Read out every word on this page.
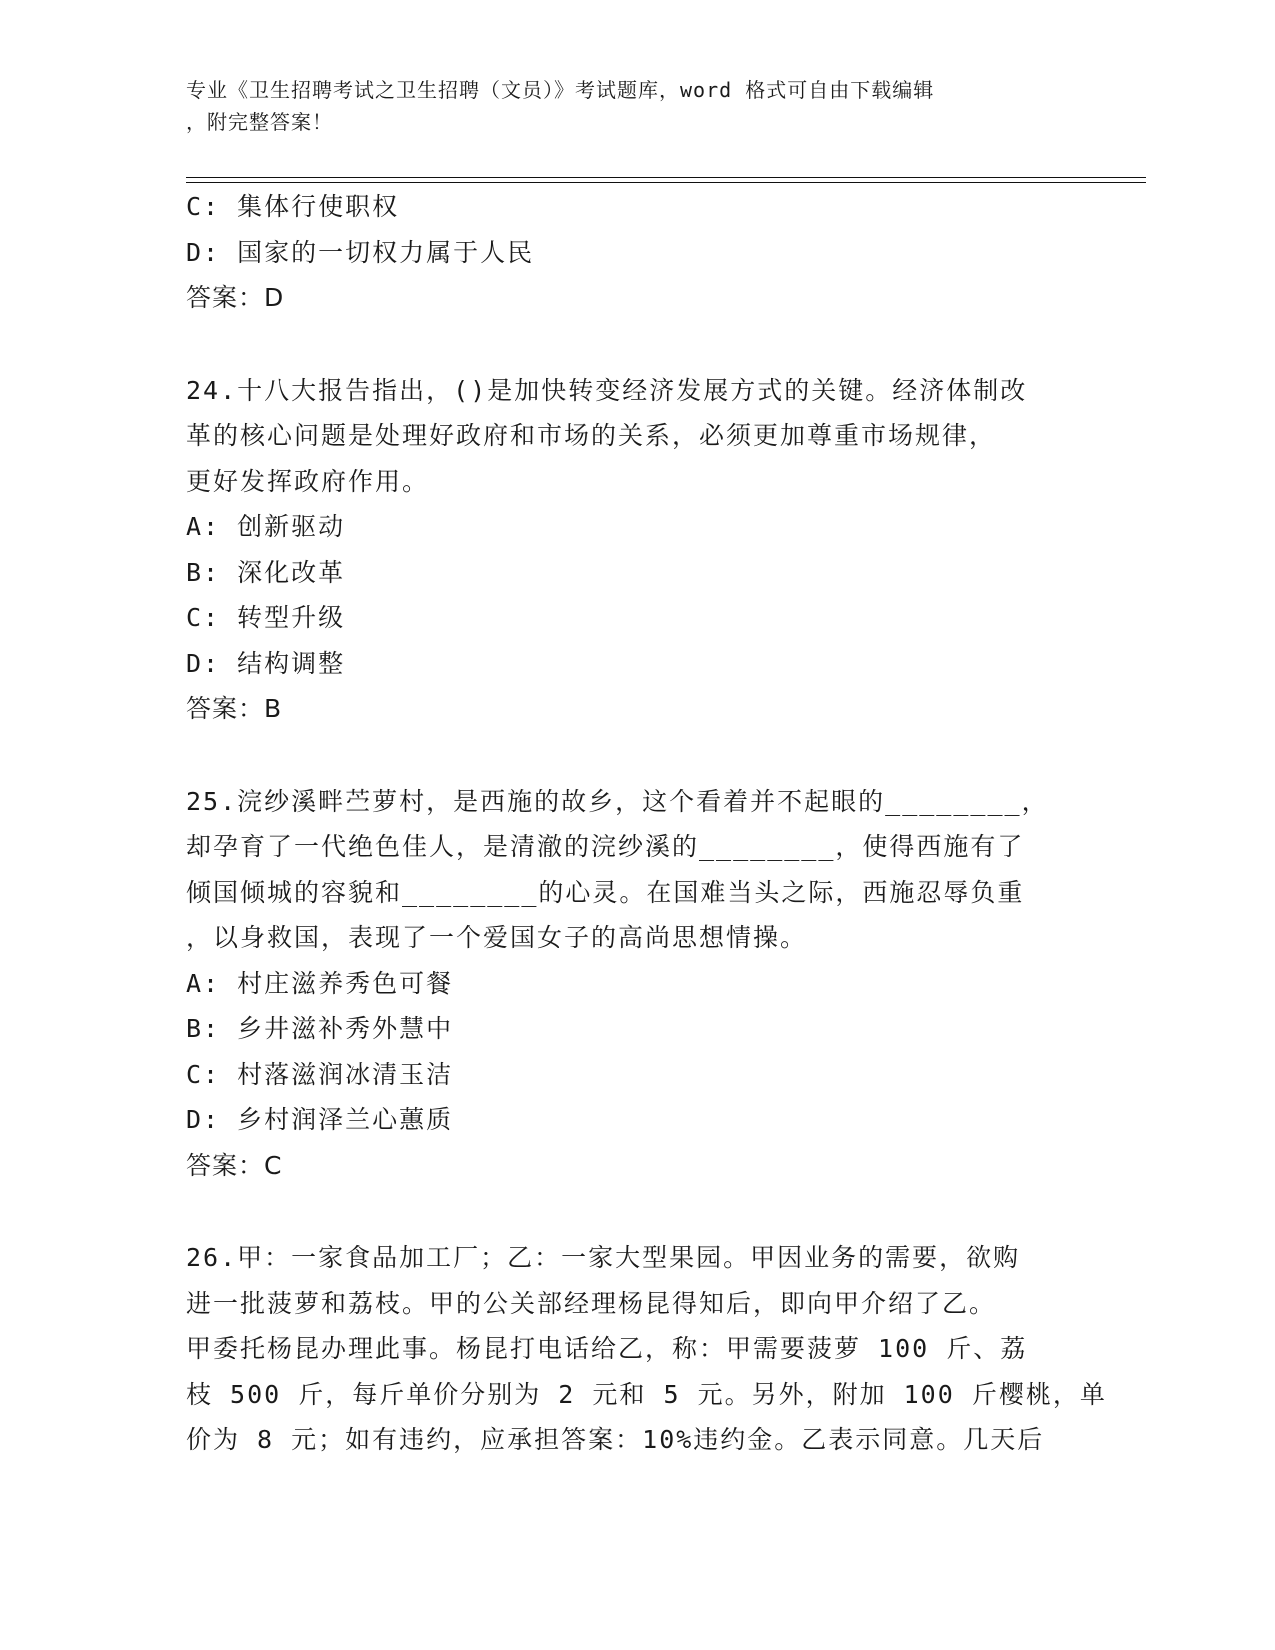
专业《卫生招聘考试之卫生招聘（文员）》考试题库，word 格式可自由下载编辑
，附完整答案！
C: 集体行使职权
D: 国家的一切权力属于人民
答案：D
24.十八大报告指出，()是加快转变经济发展方式的关键。经济体制改
革的核心问题是处理好政府和市场的关系，必须更加尊重市场规律，
更好发挥政府作用。
A: 创新驱动
B: 深化改革
C: 转型升级
D: 结构调整
答案：B
25.浣纱溪畔苎萝村，是西施的故乡，这个看着并不起眼的________，
却孕育了一代绝色佳人，是清澈的浣纱溪的________，使得西施有了
倾国倾城的容貌和________的心灵。在国难当头之际，西施忍辱负重
，以身救国，表现了一个爱国女子的高尚思想情操。
A: 村庄滋养秀色可餐
B: 乡井滋补秀外慧中
C: 村落滋润冰清玉洁
D: 乡村润泽兰心蕙质
答案：C
26.甲：一家食品加工厂；乙：一家大型果园。甲因业务的需要，欲购
进一批菠萝和荔枝。甲的公关部经理杨昆得知后，即向甲介绍了乙。
甲委托杨昆办理此事。杨昆打电话给乙，称：甲需要菠萝 100 斤、荔
枝 500 斤，每斤单价分别为 2 元和 5 元。另外，附加 100 斤樱桃，单
价为 8 元；如有违约，应承担答案：10%违约金。乙表示同意。几天后
